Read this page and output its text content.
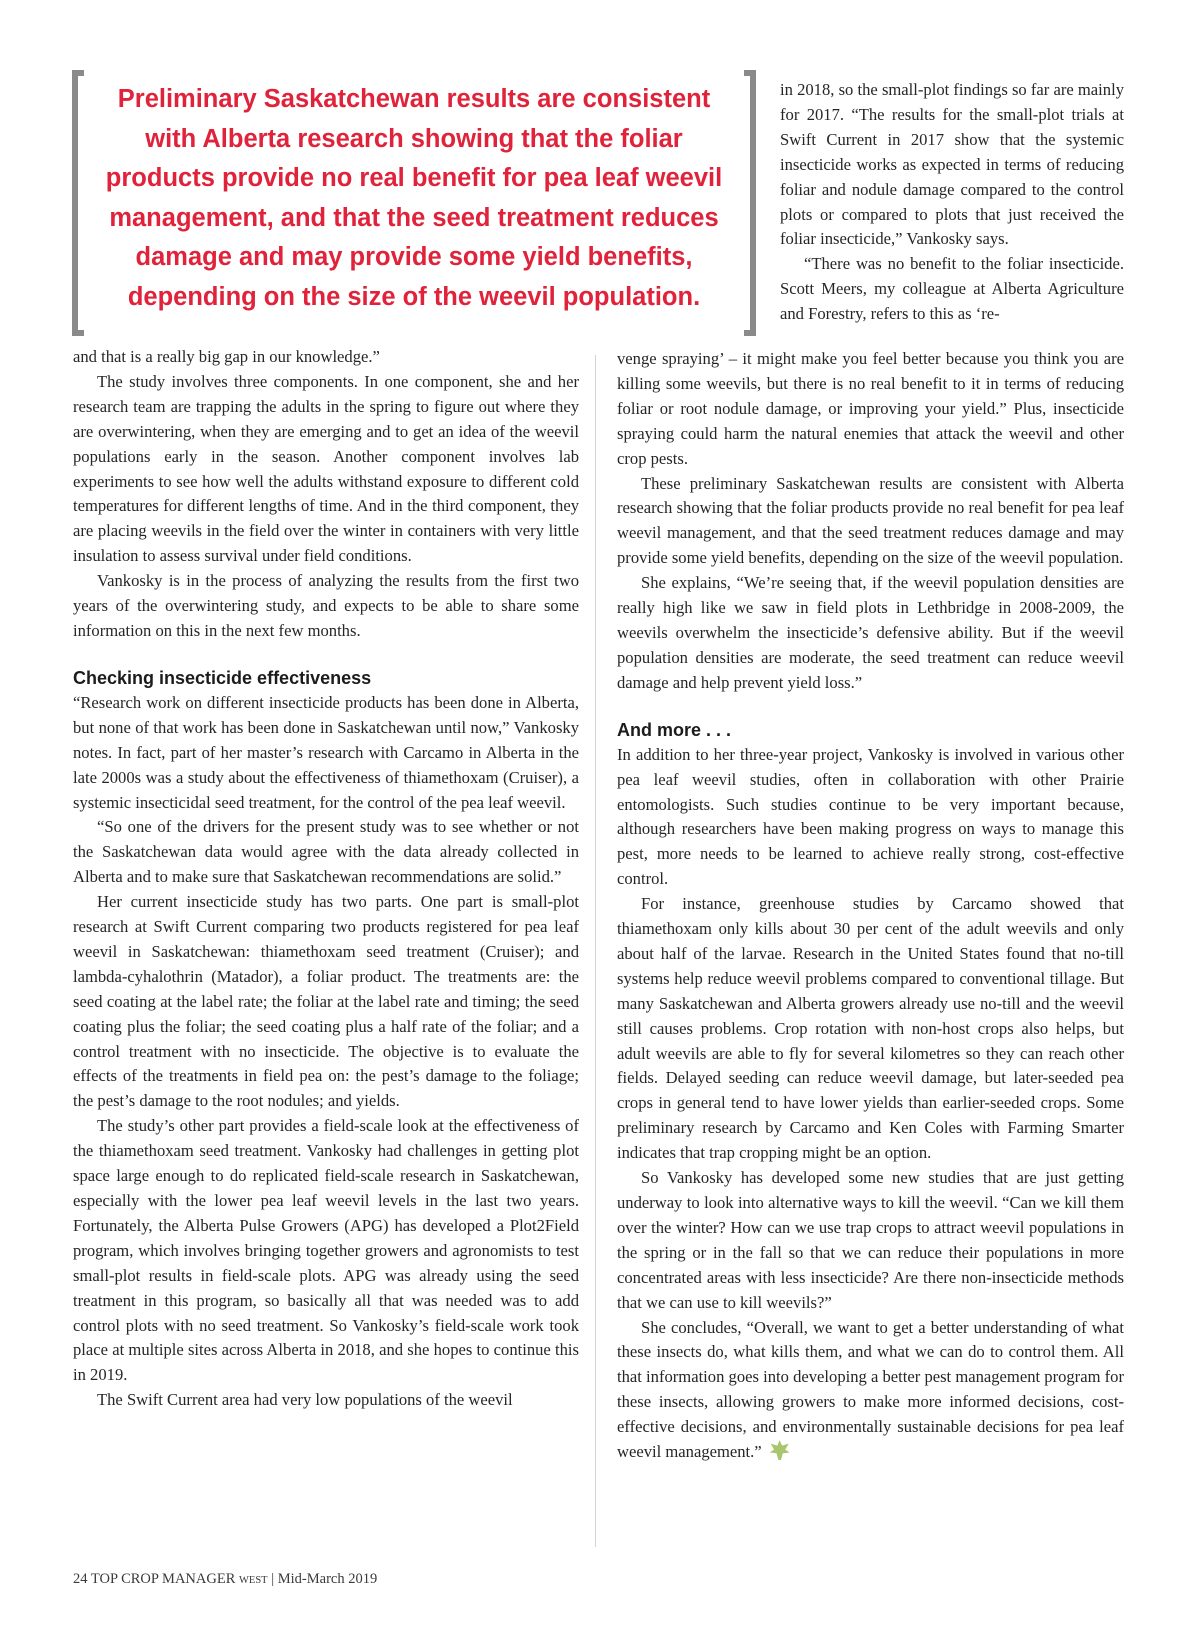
Preliminary Saskatchewan results are consistent with Alberta research showing that the foliar products provide no real benefit for pea leaf weevil management, and that the seed treatment reduces damage and may provide some yield benefits, depending on the size of the weevil population.

in 2018, so the small-plot findings so far are mainly for 2017. “The results for the small-plot trials at Swift Current in 2017 show that the systemic insecticide works as expected in terms of reducing foliar and nodule damage compared to the control plots or compared to plots that just received the foliar insecticide,” Vankosky says.

“There was no benefit to the foliar insecticide. Scott Meers, my colleague at Alberta Agriculture and Forestry, refers to this as ‘re-

and that is a really big gap in our knowledge.”

The study involves three components. In one component, she and her research team are trapping the adults in the spring to figure out where they are overwintering, when they are emerging and to get an idea of the weevil populations early in the season. Another component involves lab experiments to see how well the adults withstand exposure to different cold temperatures for different lengths of time. And in the third component, they are placing weevils in the field over the winter in containers with very little insulation to assess survival under field conditions.

Vankosky is in the process of analyzing the results from the first two years of the overwintering study, and expects to be able to share some information on this in the next few months.

Checking insecticide effectiveness

“Research work on different insecticide products has been done in Alberta, but none of that work has been done in Saskatchewan until now,” Vankosky notes. In fact, part of her master’s research with Carcamo in Alberta in the late 2000s was a study about the effectiveness of thiamethoxam (Cruiser), a systemic insecticidal seed treatment, for the control of the pea leaf weevil.

“So one of the drivers for the present study was to see whether or not the Saskatchewan data would agree with the data already collected in Alberta and to make sure that Saskatchewan recommendations are solid.”

Her current insecticide study has two parts. One part is small-plot research at Swift Current comparing two products registered for pea leaf weevil in Saskatchewan: thiamethoxam seed treatment (Cruiser); and lambda-cyhalothrin (Matador), a foliar product. The treatments are: the seed coating at the label rate; the foliar at the label rate and timing; the seed coating plus the foliar; the seed coating plus a half rate of the foliar; and a control treatment with no insecticide. The objective is to evaluate the effects of the treatments in field pea on: the pest’s damage to the foliage; the pest’s damage to the root nodules; and yields.

The study’s other part provides a field-scale look at the effectiveness of the thiamethoxam seed treatment. Vankosky had challenges in getting plot space large enough to do replicated field-scale research in Saskatchewan, especially with the lower pea leaf weevil levels in the last two years. Fortunately, the Alberta Pulse Growers (APG) has developed a Plot2Field program, which involves bringing together growers and agronomists to test small-plot results in field-scale plots. APG was already using the seed treatment in this program, so basically all that was needed was to add control plots with no seed treatment. So Vankosky’s field-scale work took place at multiple sites across Alberta in 2018, and she hopes to continue this in 2019.

The Swift Current area had very low populations of the weevil

venge spraying’ – it might make you feel better because you think you are killing some weevils, but there is no real benefit to it in terms of reducing foliar or root nodule damage, or improving your yield.” Plus, insecticide spraying could harm the natural enemies that attack the weevil and other crop pests.

These preliminary Saskatchewan results are consistent with Alberta research showing that the foliar products provide no real benefit for pea leaf weevil management, and that the seed treatment reduces damage and may provide some yield benefits, depending on the size of the weevil population.

She explains, “We’re seeing that, if the weevil population densities are really high like we saw in field plots in Lethbridge in 2008-2009, the weevils overwhelm the insecticide’s defensive ability. But if the weevil population densities are moderate, the seed treatment can reduce weevil damage and help prevent yield loss.”

And more . . .

In addition to her three-year project, Vankosky is involved in various other pea leaf weevil studies, often in collaboration with other Prairie entomologists. Such studies continue to be very important because, although researchers have been making progress on ways to manage this pest, more needs to be learned to achieve really strong, cost-effective control.

For instance, greenhouse studies by Carcamo showed that thiamethoxam only kills about 30 per cent of the adult weevils and only about half of the larvae. Research in the United States found that no-till systems help reduce weevil problems compared to conventional tillage. But many Saskatchewan and Alberta growers already use no-till and the weevil still causes problems. Crop rotation with non-host crops also helps, but adult weevils are able to fly for several kilometres so they can reach other fields. Delayed seeding can reduce weevil damage, but later-seeded pea crops in general tend to have lower yields than earlier-seeded crops. Some preliminary research by Carcamo and Ken Coles with Farming Smarter indicates that trap cropping might be an option.

So Vankosky has developed some new studies that are just getting underway to look into alternative ways to kill the weevil. “Can we kill them over the winter? How can we use trap crops to attract weevil populations in the spring or in the fall so that we can reduce their populations in more concentrated areas with less insecticide? Are there non-insecticide methods that we can use to kill weevils?”

She concludes, “Overall, we want to get a better understanding of what these insects do, what kills them, and what we can do to control them. All that information goes into developing a better pest management program for these insects, allowing growers to make more informed decisions, cost-effective decisions, and environmentally sustainable decisions for pea leaf weevil management.”

24 TOP CROP MANAGER WEST | Mid-March 2019
